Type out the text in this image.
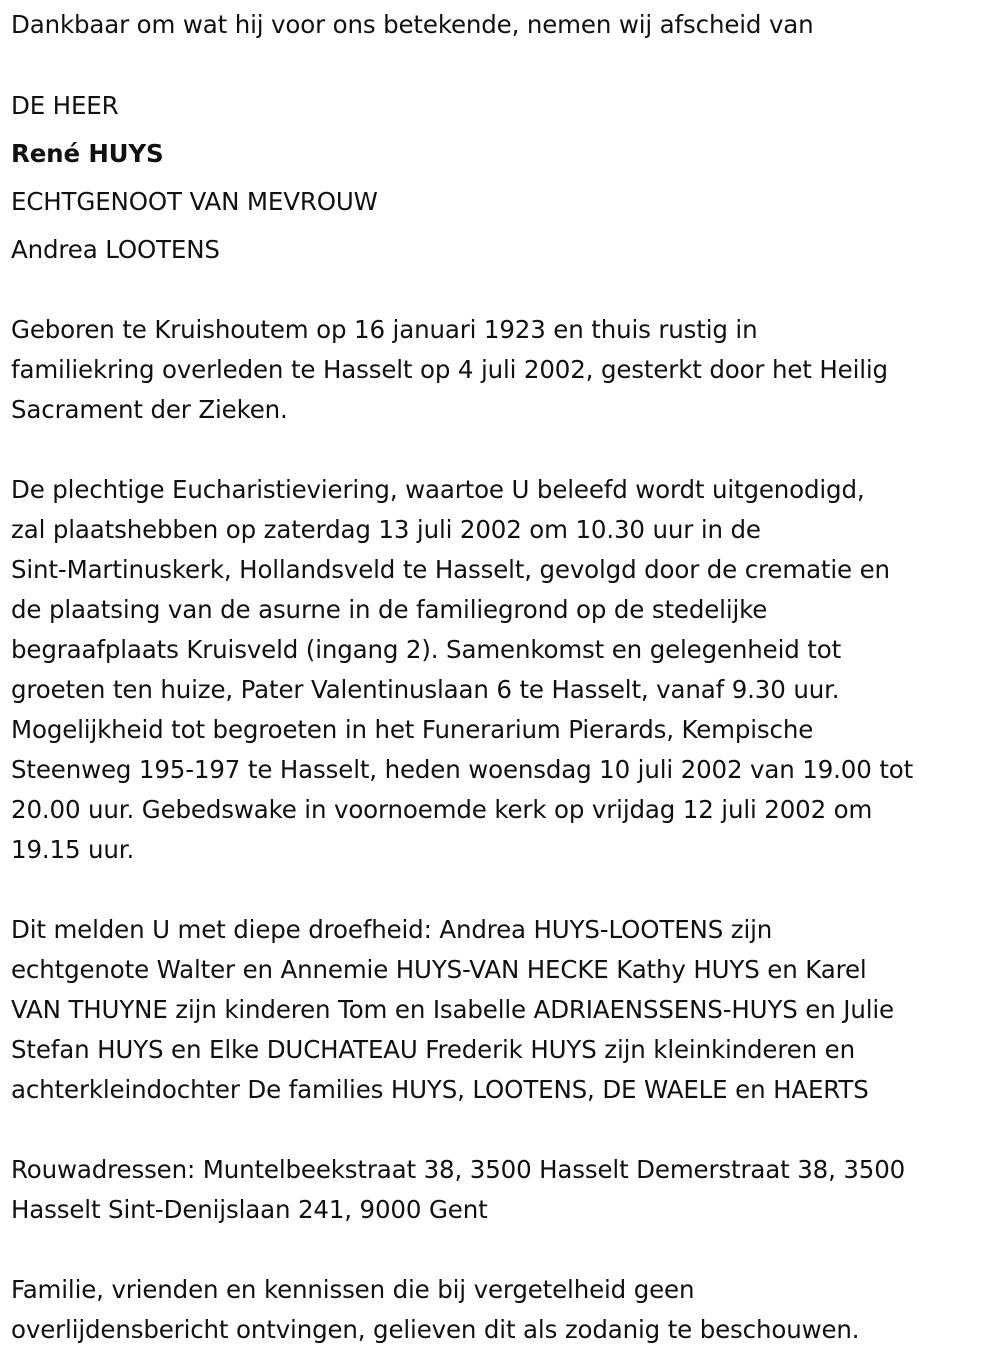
Dankbaar om wat hij voor ons betekende, nemen wij afscheid van
DE HEER
René HUYS
ECHTGENOOT VAN MEVROUW
Andrea LOOTENS
Geboren te Kruishoutem op 16 januari 1923 en thuis rustig in
familiekring overleden te Hasselt op 4 juli 2002, gesterkt door het Heilig
Sacrament der Zieken.
De plechtige Eucharistieviering, waartoe U beleefd wordt uitgenodigd,
zal plaatshebben op zaterdag 13 juli 2002 om 10.30 uur in de
Sint-Martinuskerk, Hollandsveld te Hasselt, gevolgd door de crematie en
de plaatsing van de asurne in de familiegrond op de stedelijke
begraafplaats Kruisveld (ingang 2). Samenkomst en gelegenheid tot
groeten ten huize, Pater Valentinuslaan 6 te Hasselt, vanaf 9.30 uur.
Mogelijkheid tot begroeten in het Funerarium Pierards, Kempische
Steenweg 195-197 te Hasselt, heden woensdag 10 juli 2002 van 19.00 tot
20.00 uur. Gebedswake in voornoemde kerk op vrijdag 12 juli 2002 om
19.15 uur.
Dit melden U met diepe droefheid: Andrea HUYS-LOOTENS zijn
echtgenote Walter en Annemie HUYS-VAN HECKE Kathy HUYS en Karel
VAN THUYNE zijn kinderen Tom en Isabelle ADRIAENSSENS-HUYS en Julie
Stefan HUYS en Elke DUCHATEAU Frederik HUYS zijn kleinkinderen en
achterkleindochter De families HUYS, LOOTENS, DE WAELE en HAERTS
Rouwadressen: Muntelbeekstraat 38, 3500 Hasselt Demerstraat 38, 3500
Hasselt Sint-Denijslaan 241, 9000 Gent
Familie, vrienden en kennissen die bij vergetelheid geen
overlijdensbericht ontvingen, gelieven dit als zodanig te beschouwen.
